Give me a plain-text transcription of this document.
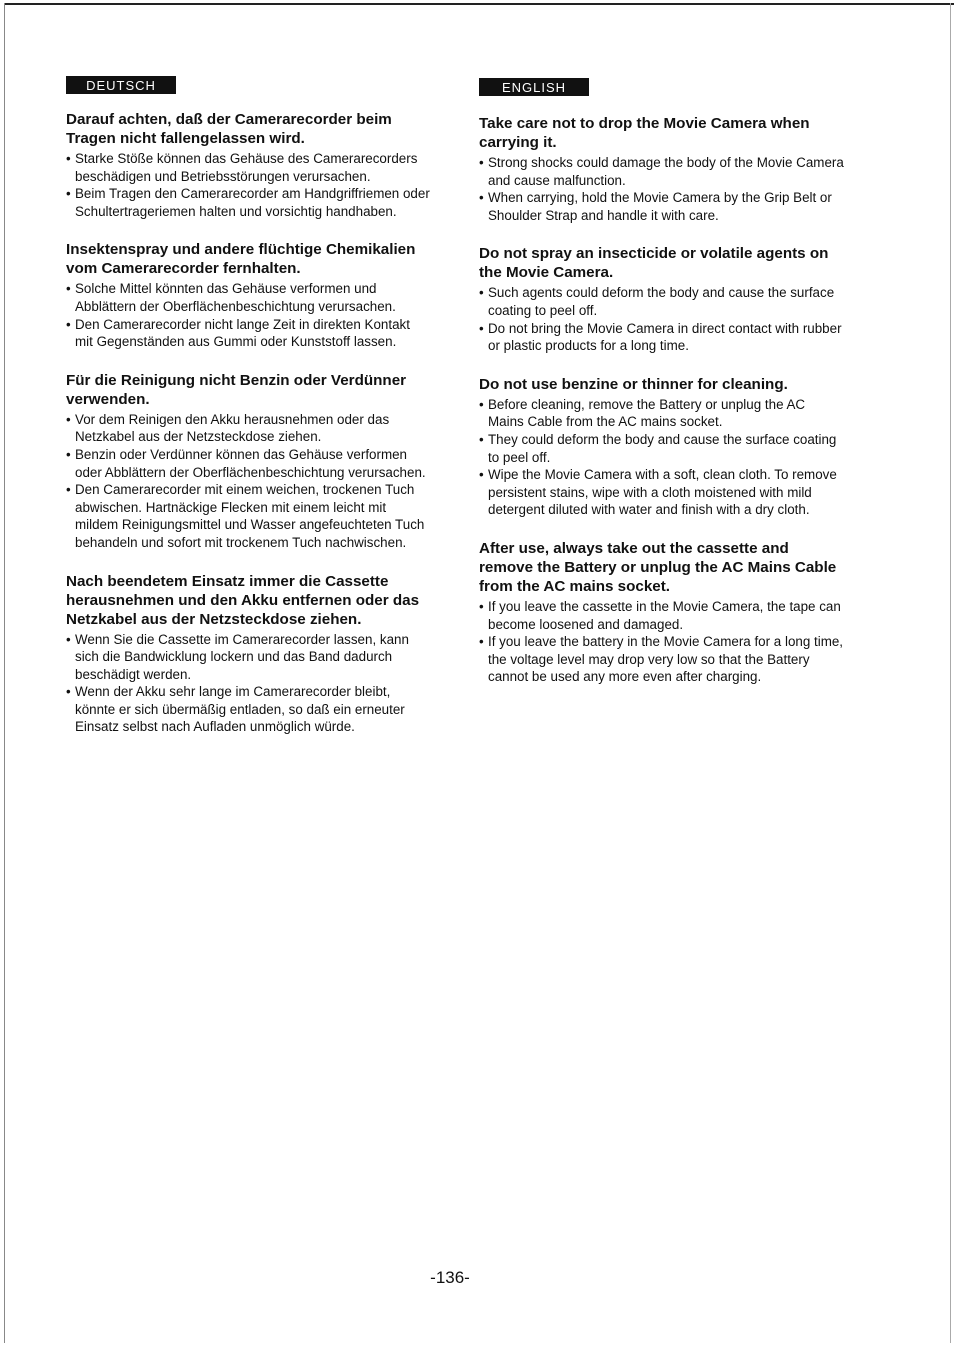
DEUTSCH
Darauf achten, daß der Camerarecorder beim Tragen nicht fallengelassen wird.
• Starke Stöße können das Gehäuse des Camerarecorders beschädigen und Betriebsstörungen verursachen.
• Beim Tragen den Camerarecorder am Handgriffriemen oder Schultertrageriemen halten und vorsichtig handhaben.
Insektenspray und andere flüchtige Chemikalien vom Camerarecorder fernhalten.
• Solche Mittel könnten das Gehäuse verformen und Abblättern der Oberflächenbeschichtung verursachen.
• Den Camerarecorder nicht lange Zeit in direkten Kontakt mit Gegenständen aus Gummi oder Kunststoff lassen.
Für die Reinigung nicht Benzin oder Verdünner verwenden.
• Vor dem Reinigen den Akku herausnehmen oder das Netzkabel aus der Netzsteckdose ziehen.
• Benzin oder Verdünner können das Gehäuse verformen oder Abblättern der Oberflächenbeschichtung verursachen.
• Den Camerarecorder mit einem weichen, trockenen Tuch abwischen. Hartnäckige Flecken mit einem leicht mit mildem Reinigungsmittel und Wasser angefeuchteten Tuch behandeln und sofort mit trockenem Tuch nachwischen.
Nach beendetem Einsatz immer die Cassette herausnehmen und den Akku entfernen oder das Netzkabel aus der Netzsteckdose ziehen.
• Wenn Sie die Cassette im Camerarecorder lassen, kann sich die Bandwicklung lockern und das Band dadurch beschädigt werden.
• Wenn der Akku sehr lange im Camerarecorder bleibt, könnte er sich übermäßig entladen, so daß ein erneuter Einsatz selbst nach Aufladen unmöglich würde.
ENGLISH
Take care not to drop the Movie Camera when carrying it.
• Strong shocks could damage the body of the Movie Camera and cause malfunction.
• When carrying, hold the Movie Camera by the Grip Belt or Shoulder Strap and handle it with care.
Do not spray an insecticide or volatile agents on the Movie Camera.
• Such agents could deform the body and cause the surface coating to peel off.
• Do not bring the Movie Camera in direct contact with rubber or plastic products for a long time.
Do not use benzine or thinner for cleaning.
• Before cleaning, remove the Battery or unplug the AC Mains Cable from the AC mains socket.
• They could deform the body and cause the surface coating to peel off.
• Wipe the Movie Camera with a soft, clean cloth. To remove persistent stains, wipe with a cloth moistened with mild detergent diluted with water and finish with a dry cloth.
After use, always take out the cassette and remove the Battery or unplug the AC Mains Cable from the AC mains socket.
• If you leave the cassette in the Movie Camera, the tape can become loosened and damaged.
• If you leave the battery in the Movie Camera for a long time, the voltage level may drop very low so that the Battery cannot be used any more even after charging.
-136-
